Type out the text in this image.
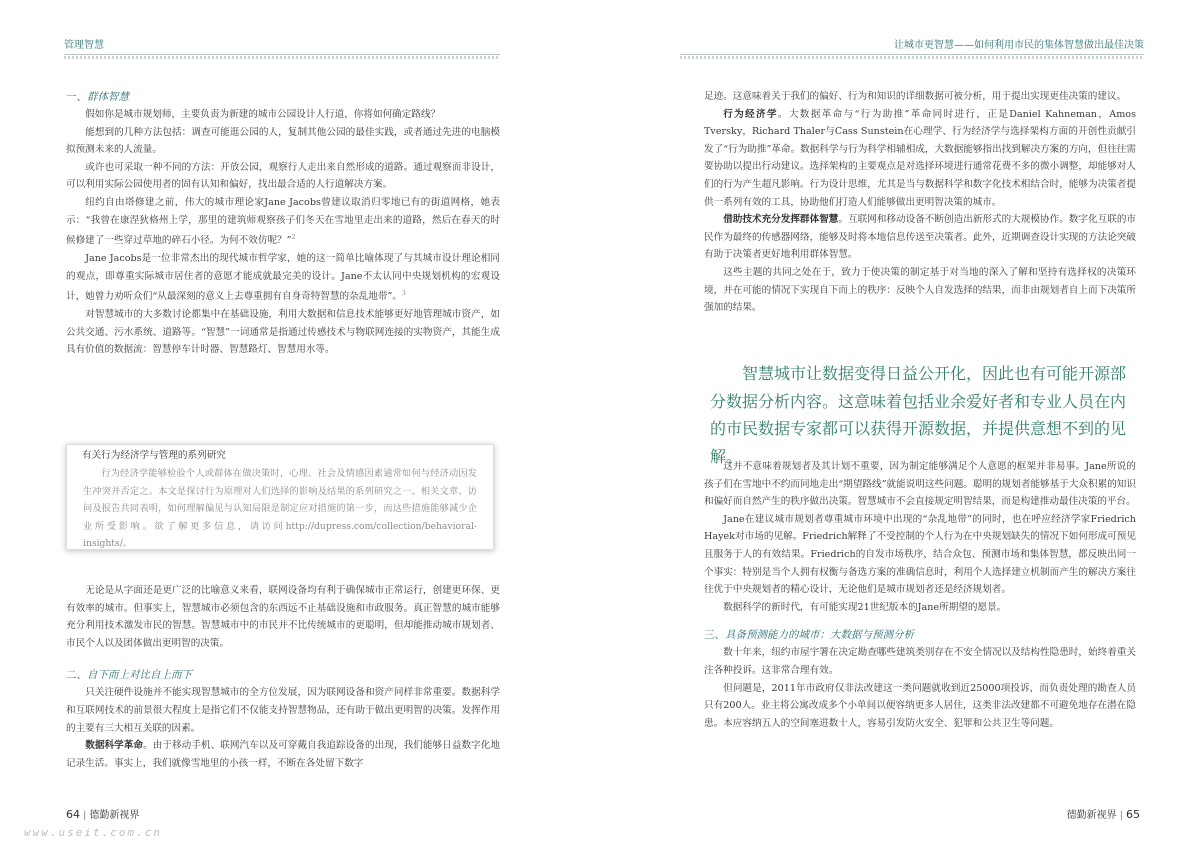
管理智慧	让城市更智慧——如何利用市民的集体智慧做出最佳决策
一、群体智慧

假如你是城市规划师，主要负责为新建的城市公园设计人行道，你将如何确定路线？

能想到的几种方法包括：调查可能逛公园的人，复制其他公园的最佳实践，或者通过先进的电脑模拟预测未来的人流量。

或许也可采取一种不同的方法：开放公园，观察行人走出来自然形成的道路。通过观察而非设计，可以利用实际公园使用者的固有认知和偏好，找出最合适的人行道解决方案。

纽约自由塔修建之前，伟大的城市理论家Jane Jacobs曾建议取消归零地已有的街道网格，她表示：“我曾在康涅狄格州上学，那里的建筑师观察孩子们冬天在雪地里走出来的道路，然后在春天的时候修建了一些穿过草地的碎石小径。为何不效仿呢？”$^2$

Jane Jacobs是一位非常杰出的现代城市哲学家，她的这一简单比喻体现了与其城市设计理论相同的观点，即尊重实际城市居住者的意愿才能成就最完美的设计。Jane不太认同中央规划机构的宏观设计，她曾力劝听众们“从最深刻的意义上去尊重拥有自身奇特智慧的杂乱地带”。$^3$

对智慧城市的大多数讨论都集中在基础设施，利用大数据和信息技术能够更好地管理城市资产，如公共交通、污水系统、道路等。“智慧”一词通常是指通过传感技术与物联网连接的实物资产，其能生成具有价值的数据流：智慧停车计时器、智慧路灯、智慧用水等。

有关行为经济学与管理的系列研究
行为经济学能够检验个人或群体在做决策时，心理、社会及情感因素通常如何与经济动因发生冲突并否定之。本文是探讨行为原理对人们选择的影响及结果的系列研究之一。相关文章、访问及报告共同表明，如何理解偏见与认知局限是制定应对措施的第一步，而这些措施能够减少企业所受影响。欲了解更多信息，请访问http://dupress.com/collection/behavioral-insights/。

无论是从字面还是更广泛的比喻意义来看，联网设备均有利于确保城市正常运行，创建更环保、更有效率的城市。但事实上，智慧城市必须包含的东西远不止基础设施和市政服务。真正智慧的城市能够充分利用技术激发市民的智慧。智慧城市中的市民并不比传统城市的更聪明，但却能推动城市规划者、市民个人以及团体做出更明智的决策。

二、自下而上对比自上而下

只关注硬件设施并不能实现智慧城市的全方位发展，因为联网设备和资产同样非常重要。数据科学和互联网技术的前景很大程度上是指它们不仅能支持智慧物品，还有助于做出更明智的决策。发挥作用的主要有三大相互关联的因素。

数据科学革命。由于移动手机、联网汽车以及可穿戴自我追踪设备的出现，我们能够日益数字化地记录生活。事实上，我们就像雪地里的小孩一样，不断在各处留下数字

足迹。这意味着关于我们的偏好、行为和知识的详细数据可被分析，用于提出实现更佳决策的建议。

行为经济学。大数据革命与“行为助推”革命同时进行，正是Daniel Kahneman，Amos Tversky，Richard Thaler与Cass Sunstein在心理学、行为经济学与选择架构方面的开创性贡献引发了“行为助推”革命。数据科学与行为科学相辅相成，大数据能够指出找到解决方案的方向，但往往需要协助以提出行动建议。选择架构的主要观点是对选择环境进行通常花费不多的微小调整，却能够对人们的行为产生超凡影响。行为设计思维，尤其是当与数据科学和数字化技术相结合时，能够为决策者提供一系列有效的工具，协助他们打造人们能够做出更明智决策的城市。

借助技术充分发挥群体智慧。互联网和移动设备不断创造出新形式的大规模协作。数字化互联的市民作为最终的传感器网络，能够及时将本地信息传送至决策者。此外，近期调查设计实现的方法论突破有助于决策者更好地利用群体智慧。

这些主题的共同之处在于，致力于使决策的制定基于对当地的深入了解和坚持有选择权的决策环境，并在可能的情况下实现自下而上的秩序：反映个人自发选择的结果，而非由规划者自上而下决策所强加的结果。

智慧城市让数据变得日益公开化，因此也有可能开源部分数据分析内容。这意味着包括业余爱好者和专业人员在内的市民数据专家都可以获得开源数据，并提供意想不到的见解。

这并不意味着规划者及其计划不重要，因为制定能够满足个人意愿的框架并非易事。Jane所说的孩子们在雪地中不约而同地走出“期望路线”就能说明这些问题。聪明的规划者能够基于大众积累的知识和偏好而自然产生的秩序做出决策。智慧城市不会直接规定明智结果，而是构建推动最佳决策的平台。

Jane在建议城市规划者尊重城市环境中出现的“杂乱地带”的同时，也在呼应经济学家Friedrich Hayek对市场的见解。Friedrich解释了不受控制的个人行为在中央规划缺失的情况下如何形成可预见且服务于人的有效结果。Friedrich的自发市场秩序，结合众包、预测市场和集体智慧，都反映出同一个事实：特别是当个人拥有权衡与备选方案的准确信息时，利用个人选择建立机制而产生的解决方案往往优于中央规划者的精心设计，无论他们是城市规划者还是经济规划者。

数据科学的新时代，有可能实现21世纪版本的Jane所期望的愿景。

三、具备预测能力的城市：大数据与预测分析

数十年来，纽约市屋宇署在决定勘查哪些建筑类别存在不安全情况以及结构性隐患时，始终着重关注各种投诉。这非常合理有效。

但问题是，2011年市政府仅非法改建这一类问题就收到近25000项投诉，而负责处理的勘查人员只有200人。业主将公寓改成多个小单间以便容纳更多人居住，这类非法改建都不可避免地存在潜在隐患。本应容纳五人的空间塞进数十人，容易引发防火安全、犯罪和公共卫生等问题。

64 | 德勤新视界	德勤新视界 | 65
www.useit.com.cn
